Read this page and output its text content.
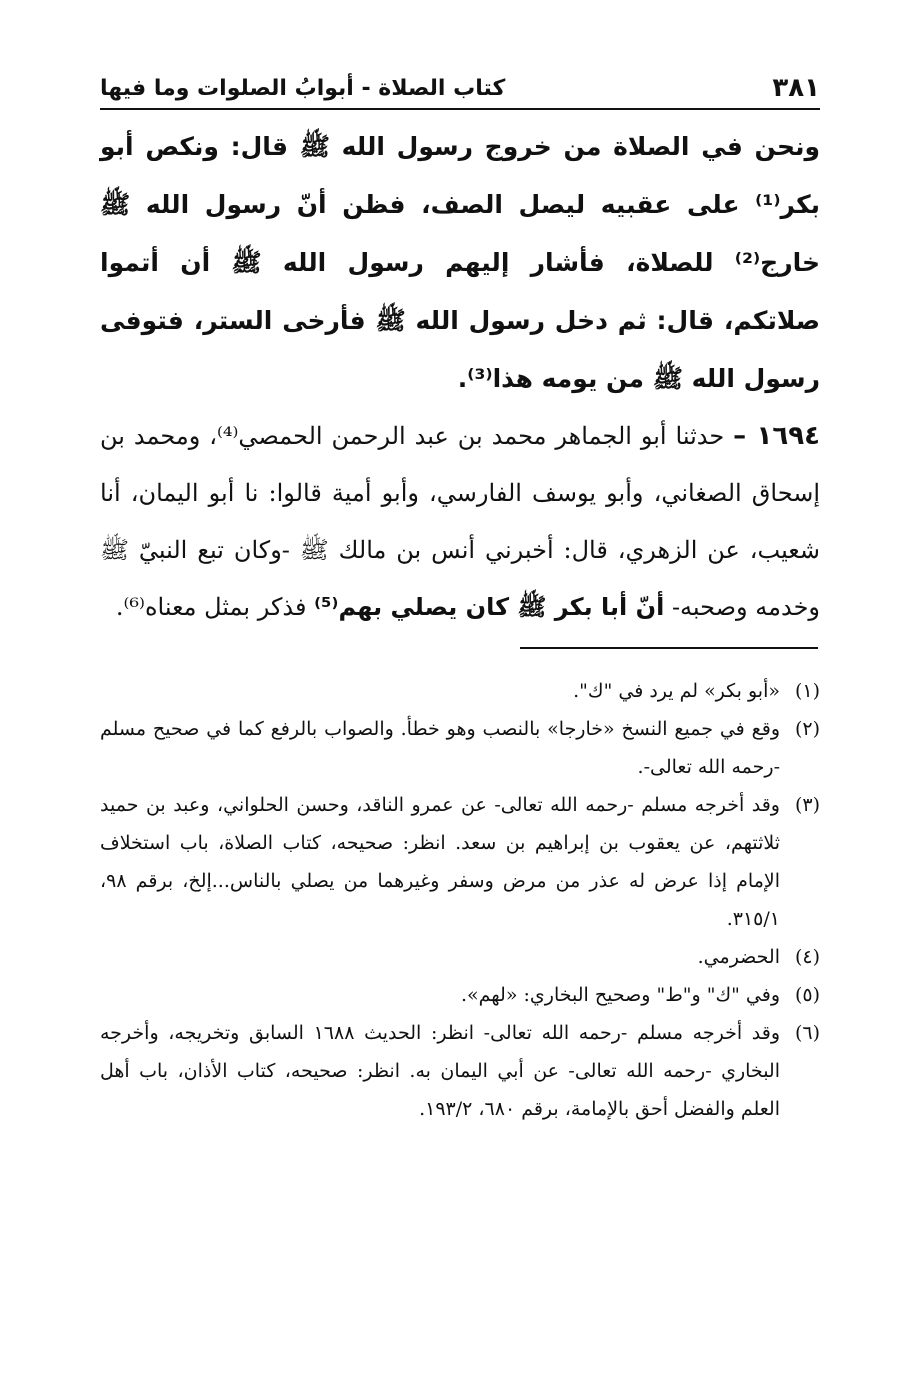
كتاب الصلاة - أبوابُ الصلوات وما فيها	٣٨١

ونحن في الصلاة من خروج رسول الله ﷺ قال: ونكص أبو بكر⁽¹⁾ على عقبيه ليصل الصف، فظن أنّ رسول الله ﷺ خارج⁽²⁾ للصلاة، فأشار إليهم رسول الله ﷺ أن أتموا صلاتكم، قال: ثم دخل رسول الله ﷺ فأرخى الستر، فتوفى رسول الله ﷺ من يومه هذا⁽³⁾.

١٦٩٤ – حدثنا أبو الجماهر محمد بن عبد الرحمن الحمصي⁽⁴⁾، ومحمد بن إسحاق الصغاني، وأبو يوسف الفارسي، وأبو أمية قالوا: نا أبو اليمان، أنا شعيب، عن الزهري، قال: أخبرني أنس بن مالك ﷺ -وكان تبع النبيّ ﷺ وخدمه وصحبه- أنّ أبا بكر ﷺ كان يصلي بهم⁽⁵⁾ فذكر بمثل معناه⁽⁶⁾.

(١)
«أبو بكر» لم يرد في "ك".
(٢)
وقع في جميع النسخ «خارجا» بالنصب وهو خطأ. والصواب بالرفع كما في صحيح مسلم -رحمه الله تعالى-.
(٣)
وقد أخرجه مسلم -رحمه الله تعالى- عن عمرو الناقد، وحسن الحلواني، وعبد بن حميد ثلاثتهم، عن يعقوب بن إبراهيم بن سعد. انظر: صحيحه، كتاب الصلاة، باب استخلاف الإمام إذا عرض له عذر من مرض وسفر وغيرهما من يصلي بالناس...إلخ، برقم ٩٨، ٣١٥/١.
(٤)
الحضرمي.
(٥)
وفي "ك" و"ط" وصحيح البخاري: «لهم».
(٦)
وقد أخرجه مسلم -رحمه الله تعالى- انظر: الحديث ١٦٨٨ السابق وتخريجه، وأخرجه البخاري -رحمه الله تعالى- عن أبي اليمان به. انظر: صحيحه، كتاب الأذان، باب أهل العلم والفضل أحق بالإمامة، برقم ٦٨٠، ١٩٣/٢.
